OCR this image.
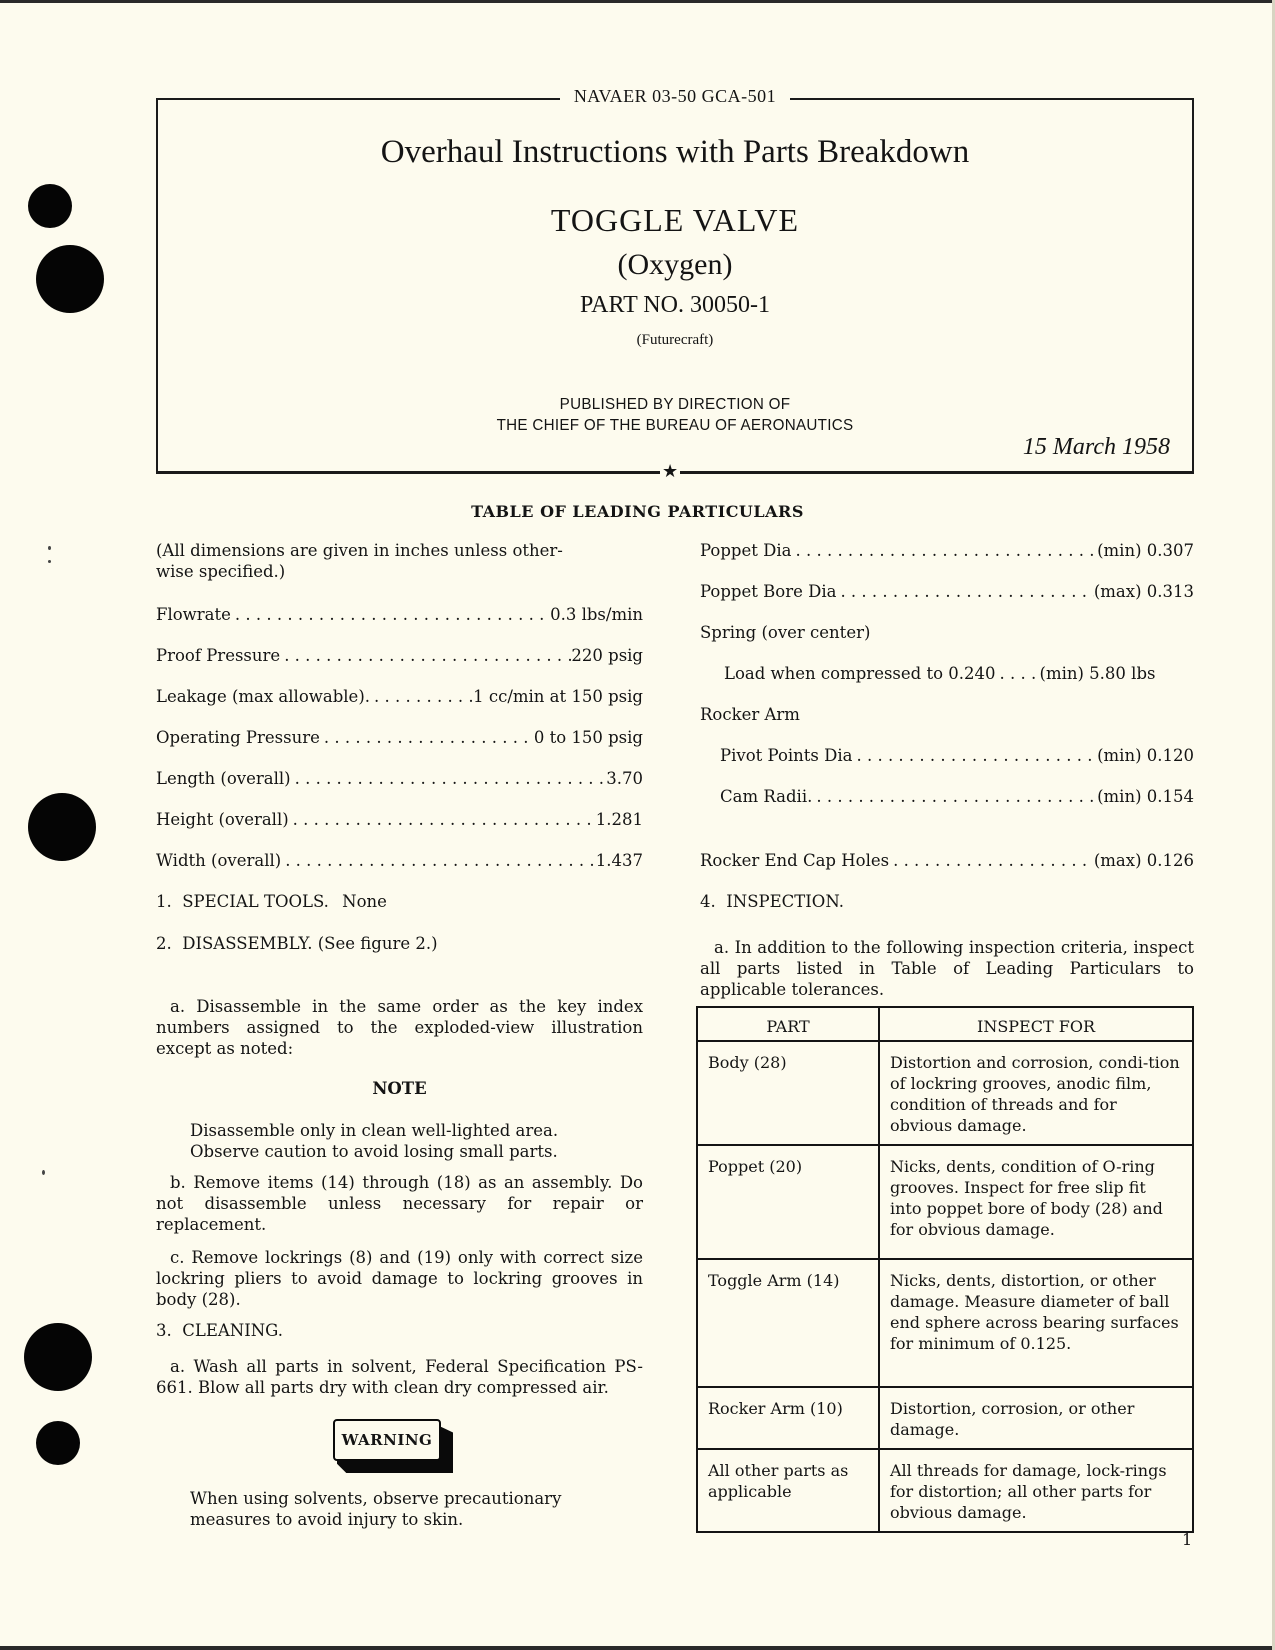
NAVAER 03-50 GCA-501
Overhaul Instructions with Parts Breakdown
TOGGLE VALVE
(Oxygen)
PART NO. 30050-1
(Futurecraft)
PUBLISHED BY DIRECTION OF
THE CHIEF OF THE BUREAU OF AERONAUTICS
15 March 1958
★
TABLE OF LEADING PARTICULARS
(All dimensions are given in inches unless other-
wise specified.)
Flowrate . . .	0.3 lbs/min
Proof Pressure . . .	220 psig
Leakage (max allowable). . . .	1 cc/min at 150 psig
Operating Pressure . . .	0 to 150 psig
Length (overall) . . .	3.70
Height (overall) . . .	1.281
Width (overall) . . .	1.437
1.  SPECIAL TOOLS. None
2.  DISASSEMBLY. (See figure 2.)
a. Disassemble in the same order as the key index numbers assigned to the exploded-view illustration except as noted:
NOTE
Disassemble only in clean well-lighted area. Observe caution to avoid losing small parts.
b. Remove items (14) through (18) as an assembly. Do not disassemble unless necessary for repair or replacement.
c. Remove lockrings (8) and (19) only with correct size lockring pliers to avoid damage to lockring grooves in body (28).
3.  CLEANING.
a. Wash all parts in solvent, Federal Specification PS-661. Blow all parts dry with clean dry compressed air.
When using solvents, observe precautionary measures to avoid injury to skin.
WARNING
Poppet Dia . . .	(min) 0.307
Poppet Bore Dia . . .	(max) 0.313
Spring (over center)
Load when compressed to 0.240 . . .	(min) 5.80 lbs
Rocker Arm
Pivot Points Dia . . .	(min) 0.120
Cam Radii. . . .	(min) 0.154
Rocker End Cap Holes . . .	(max) 0.126
4.  INSPECTION.
a. In addition to the following inspection criteria, inspect all parts listed in Table of Leading Particulars to applicable tolerances.
PART	INSPECT FOR
Body (28)	Distortion and corrosion, condi-tion of lockring grooves, anodic film, condition of threads and for obvious damage.
Poppet (20)	Nicks, dents, condition of O-ring grooves. Inspect for free slip fit into poppet bore of body (28) and for obvious damage.
Toggle Arm (14)	Nicks, dents, distortion, or other damage. Measure diameter of ball end sphere across bearing surfaces for minimum of 0.125.
Rocker Arm (10)	Distortion, corrosion, or other damage.
All other parts as applicable	All threads for damage, lock-rings for distortion; all other parts for obvious damage.
1
